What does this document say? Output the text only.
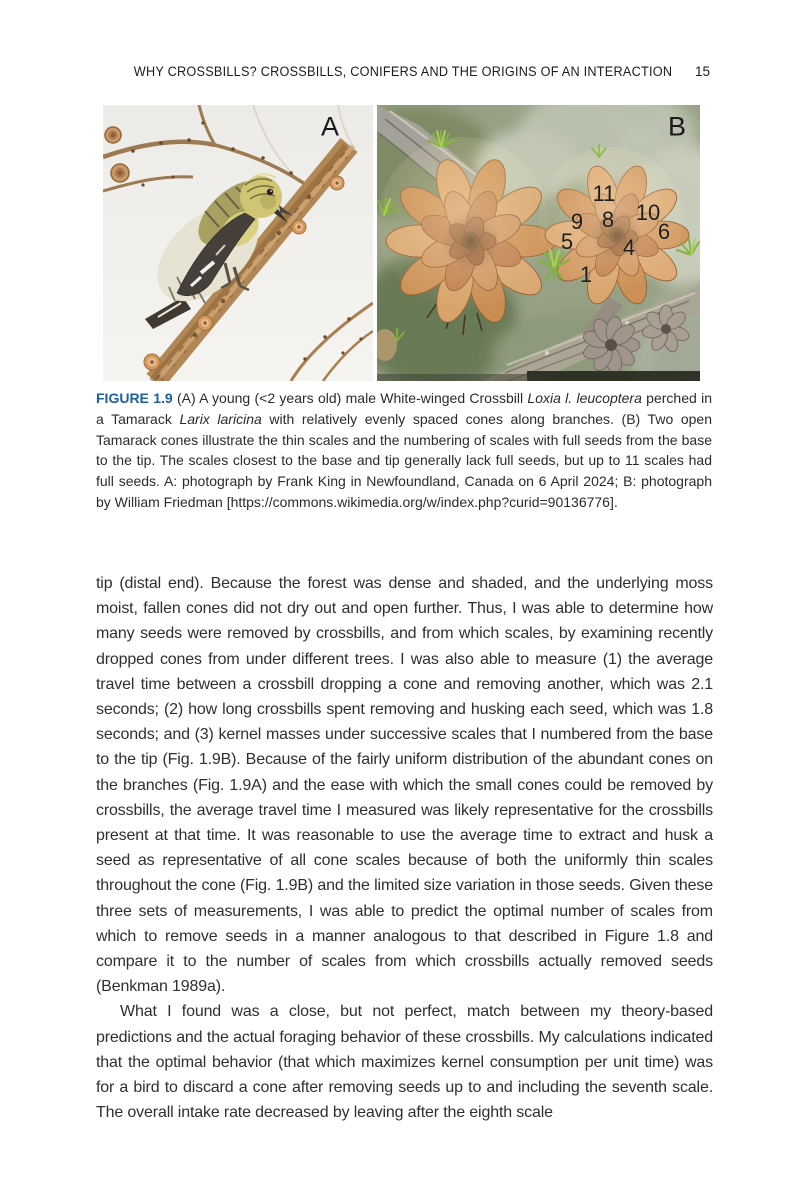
WHY CROSSBILLS? CROSSBILLS, CONIFERS AND THE ORIGINS OF AN INTERACTION	15
A	B
11
10
9 8 6
5 4
1

FIGURE 1.9 (A) A young (<2 years old) male White-winged Crossbill Loxia l. leucoptera perched in a Tamarack Larix laricina with relatively evenly spaced cones along branches. (B) Two open Tamarack cones illustrate the thin scales and the numbering of scales with full seeds from the base to the tip. The scales closest to the base and tip generally lack full seeds, but up to 11 scales had full seeds. A: photograph by Frank King in Newfoundland, Canada on 6 April 2024; B: photograph by William Friedman [https://commons.wikimedia.org/w/index.php?curid=90136776].

tip (distal end). Because the forest was dense and shaded, and the underlying moss moist, fallen cones did not dry out and open further. Thus, I was able to determine how many seeds were removed by crossbills, and from which scales, by examining recently dropped cones from under different trees. I was also able to measure (1) the average travel time between a crossbill dropping a cone and removing another, which was 2.1 seconds; (2) how long crossbills spent removing and husking each seed, which was 1.8 seconds; and (3) kernel masses under successive scales that I numbered from the base to the tip (Fig. 1.9B). Because of the fairly uniform distribution of the abundant cones on the branches (Fig. 1.9A) and the ease with which the small cones could be removed by crossbills, the average travel time I measured was likely representative for the crossbills present at that time. It was reasonable to use the average time to extract and husk a seed as representative of all cone scales because of both the uniformly thin scales throughout the cone (Fig. 1.9B) and the limited size variation in those seeds. Given these three sets of measurements, I was able to predict the optimal number of scales from which to remove seeds in a manner analogous to that described in Figure 1.8 and compare it to the number of scales from which crossbills actually removed seeds (Benkman 1989a).

What I found was a close, but not perfect, match between my theory-based predictions and the actual foraging behavior of these crossbills. My calculations indicated that the optimal behavior (that which maximizes kernel consumption per unit time) was for a bird to discard a cone after removing seeds up to and including the seventh scale. The overall intake rate decreased by leaving after the eighth scale
